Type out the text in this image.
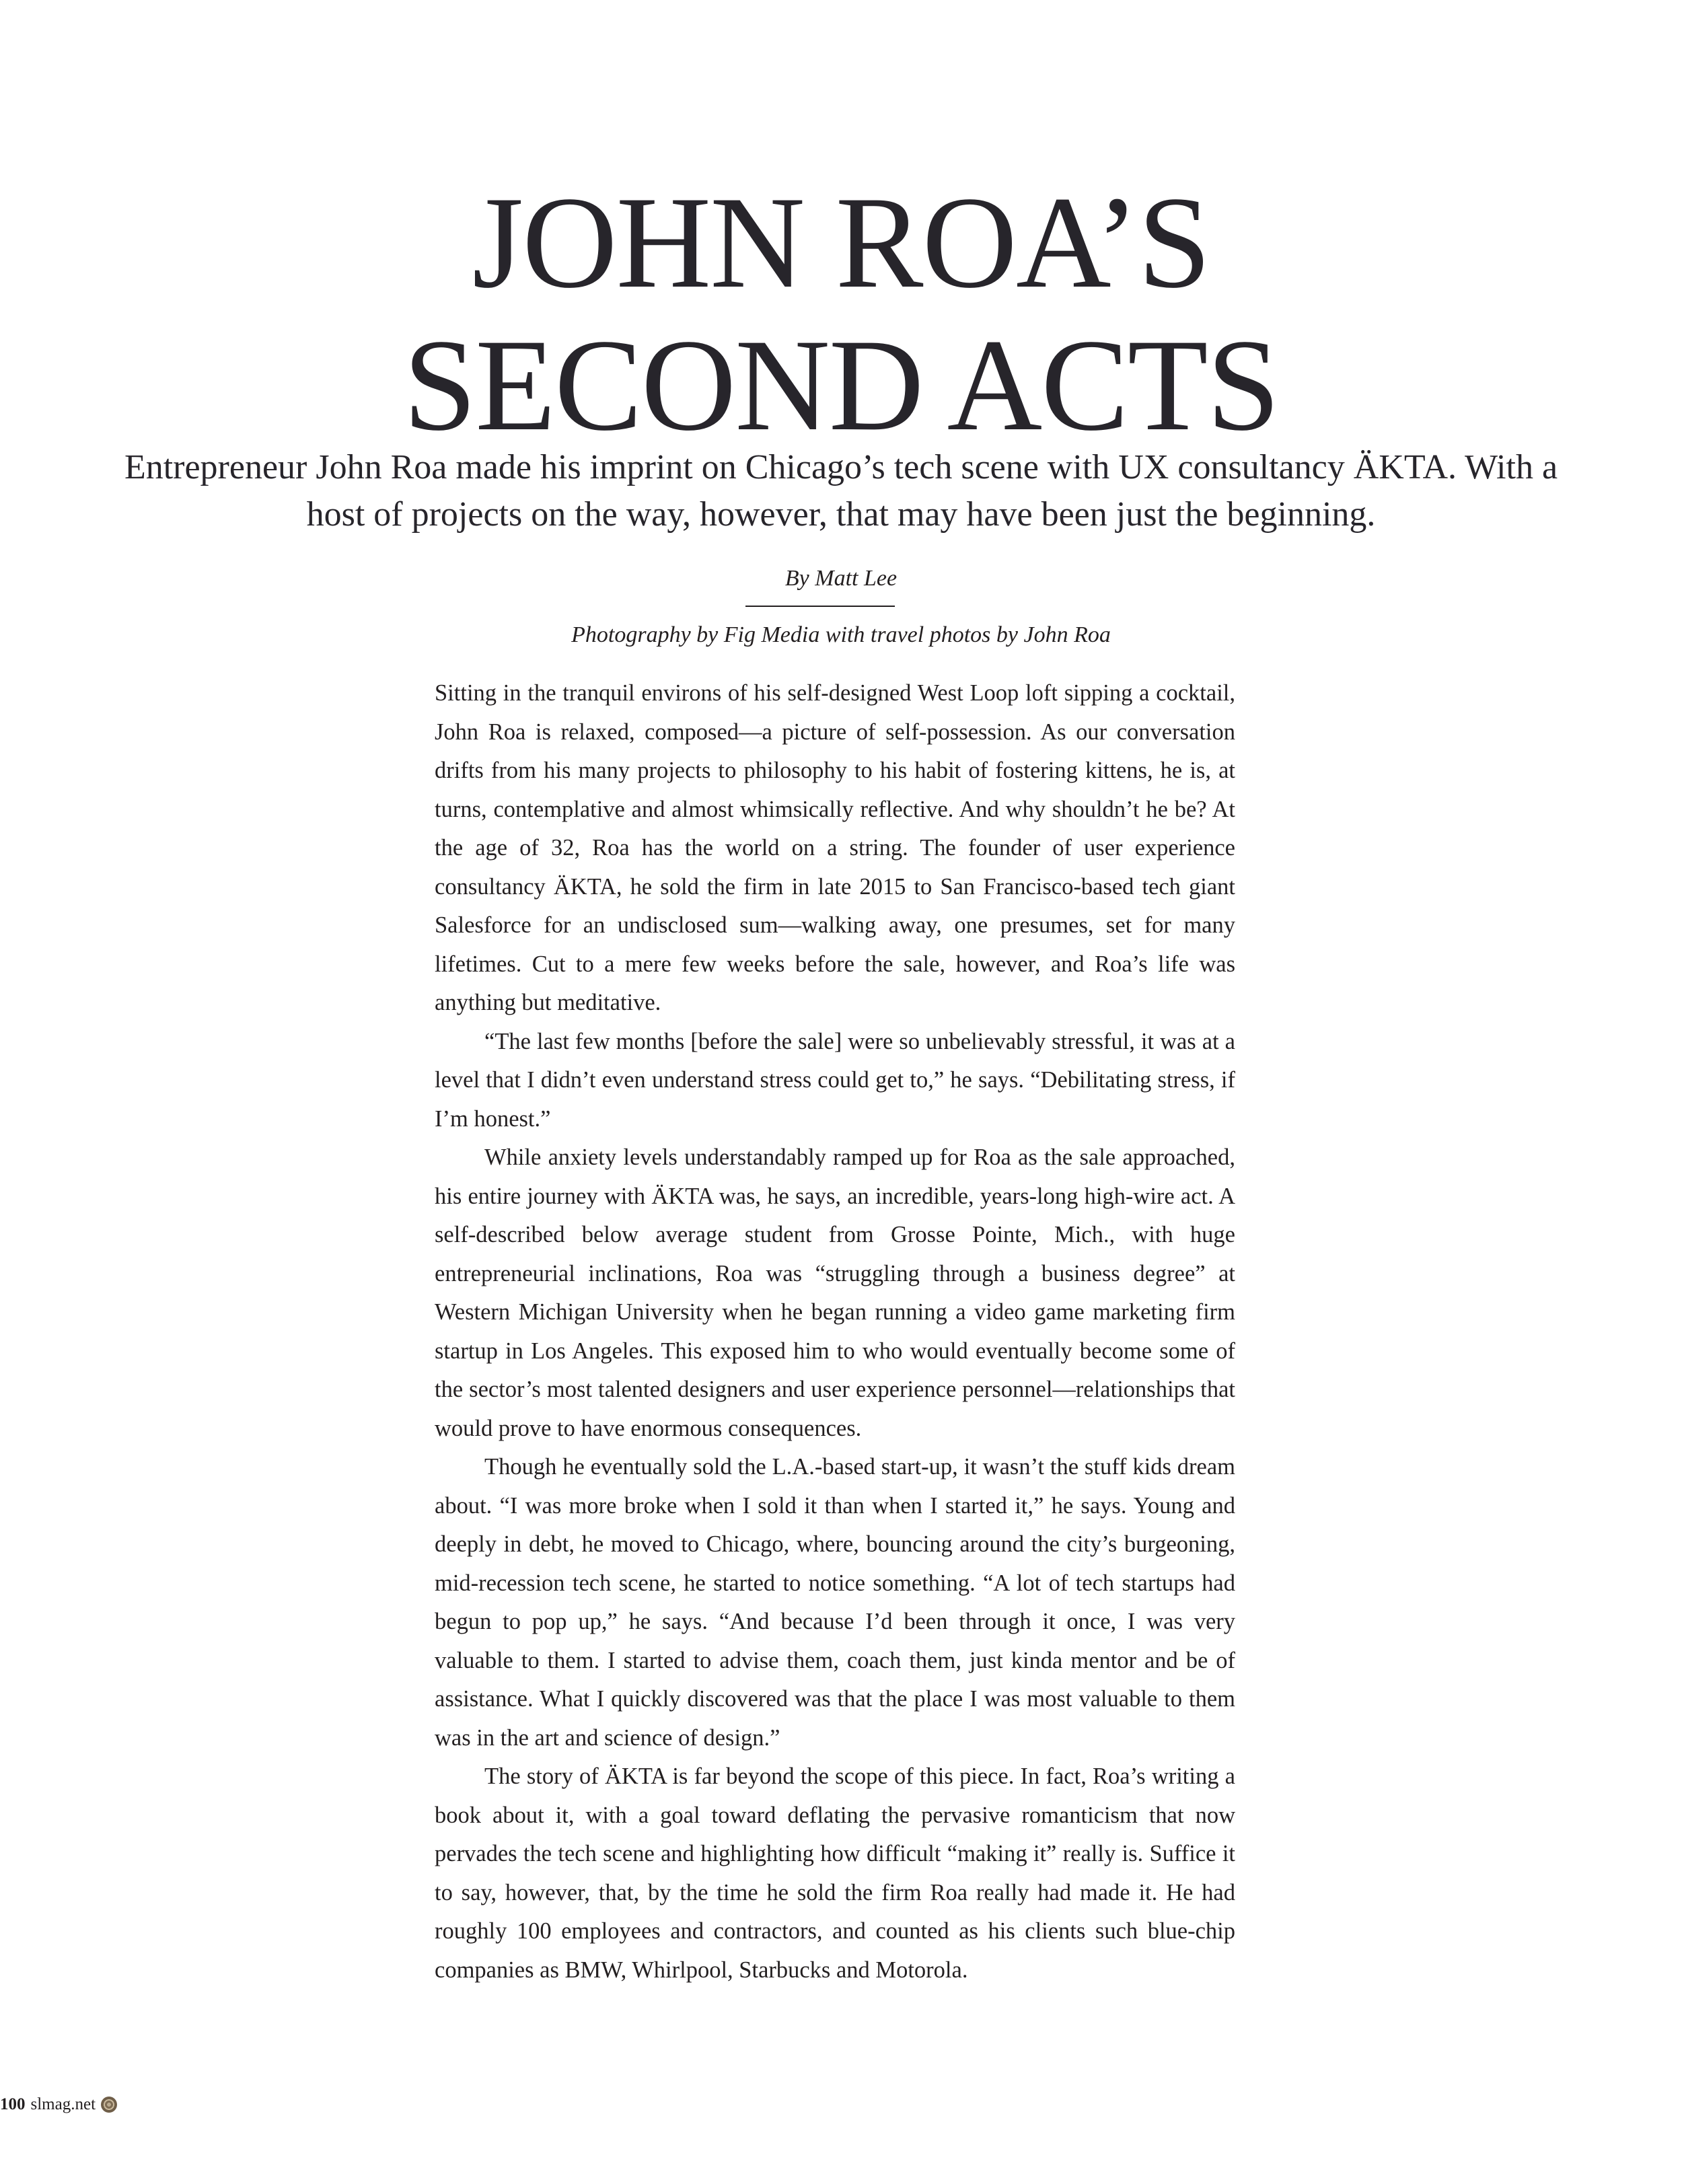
JOHN ROA’S
SECOND ACTS

Entrepreneur John Roa made his imprint on Chicago’s tech scene with UX consultancy ÄKTA. With a host of projects on the way, however, that may have been just the beginning.

By Matt Lee
Photography by Fig Media with travel photos by John Roa

Sitting in the tranquil environs of his self-designed West Loop loft sipping a cocktail, John Roa is relaxed, composed—a picture of self-possession. As our conversation drifts from his many projects to philosophy to his habit of fostering kittens, he is, at turns, contemplative and almost whimsically reflective. And why shouldn’t he be? At the age of 32, Roa has the world on a string. The founder of user experience consultancy ÄKTA, he sold the firm in late 2015 to San Francisco-based tech giant Salesforce for an undisclosed sum—walking away, one presumes, set for many lifetimes. Cut to a mere few weeks before the sale, however, and Roa’s life was anything but meditative.

“The last few months [before the sale] were so unbelievably stressful, it was at a level that I didn’t even understand stress could get to,” he says. “Debilitating stress, if I’m honest.”

While anxiety levels understandably ramped up for Roa as the sale approached, his entire journey with ÄKTA was, he says, an incredible, years-long high-wire act. A self-described below average student from Grosse Pointe, Mich., with huge entrepreneurial inclinations, Roa was “struggling through a business degree” at Western Michigan University when he began running a video game marketing firm startup in Los Angeles. This exposed him to who would eventually become some of the sector’s most talented designers and user experience personnel—relationships that would prove to have enormous consequences.

Though he eventually sold the L.A.-based start-up, it wasn’t the stuff kids dream about. “I was more broke when I sold it than when I started it,” he says. Young and deeply in debt, he moved to Chicago, where, bouncing around the city’s burgeoning, mid-recession tech scene, he started to notice something. “A lot of tech startups had begun to pop up,” he says. “And because I’d been through it once, I was very valuable to them. I started to advise them, coach them, just kinda mentor and be of assistance. What I quickly discovered was that the place I was most valuable to them was in the art and science of design.”

The story of ÄKTA is far beyond the scope of this piece. In fact, Roa’s writing a book about it, with a goal toward deflating the pervasive romanticism that now pervades the tech scene and highlighting how difficult “making it” really is. Suffice it to say, however, that, by the time he sold the firm Roa really had made it. He had roughly 100 employees and contractors, and counted as his clients such blue-chip companies as BMW, Whirlpool, Starbucks and Motorola.

100 slmag.net
